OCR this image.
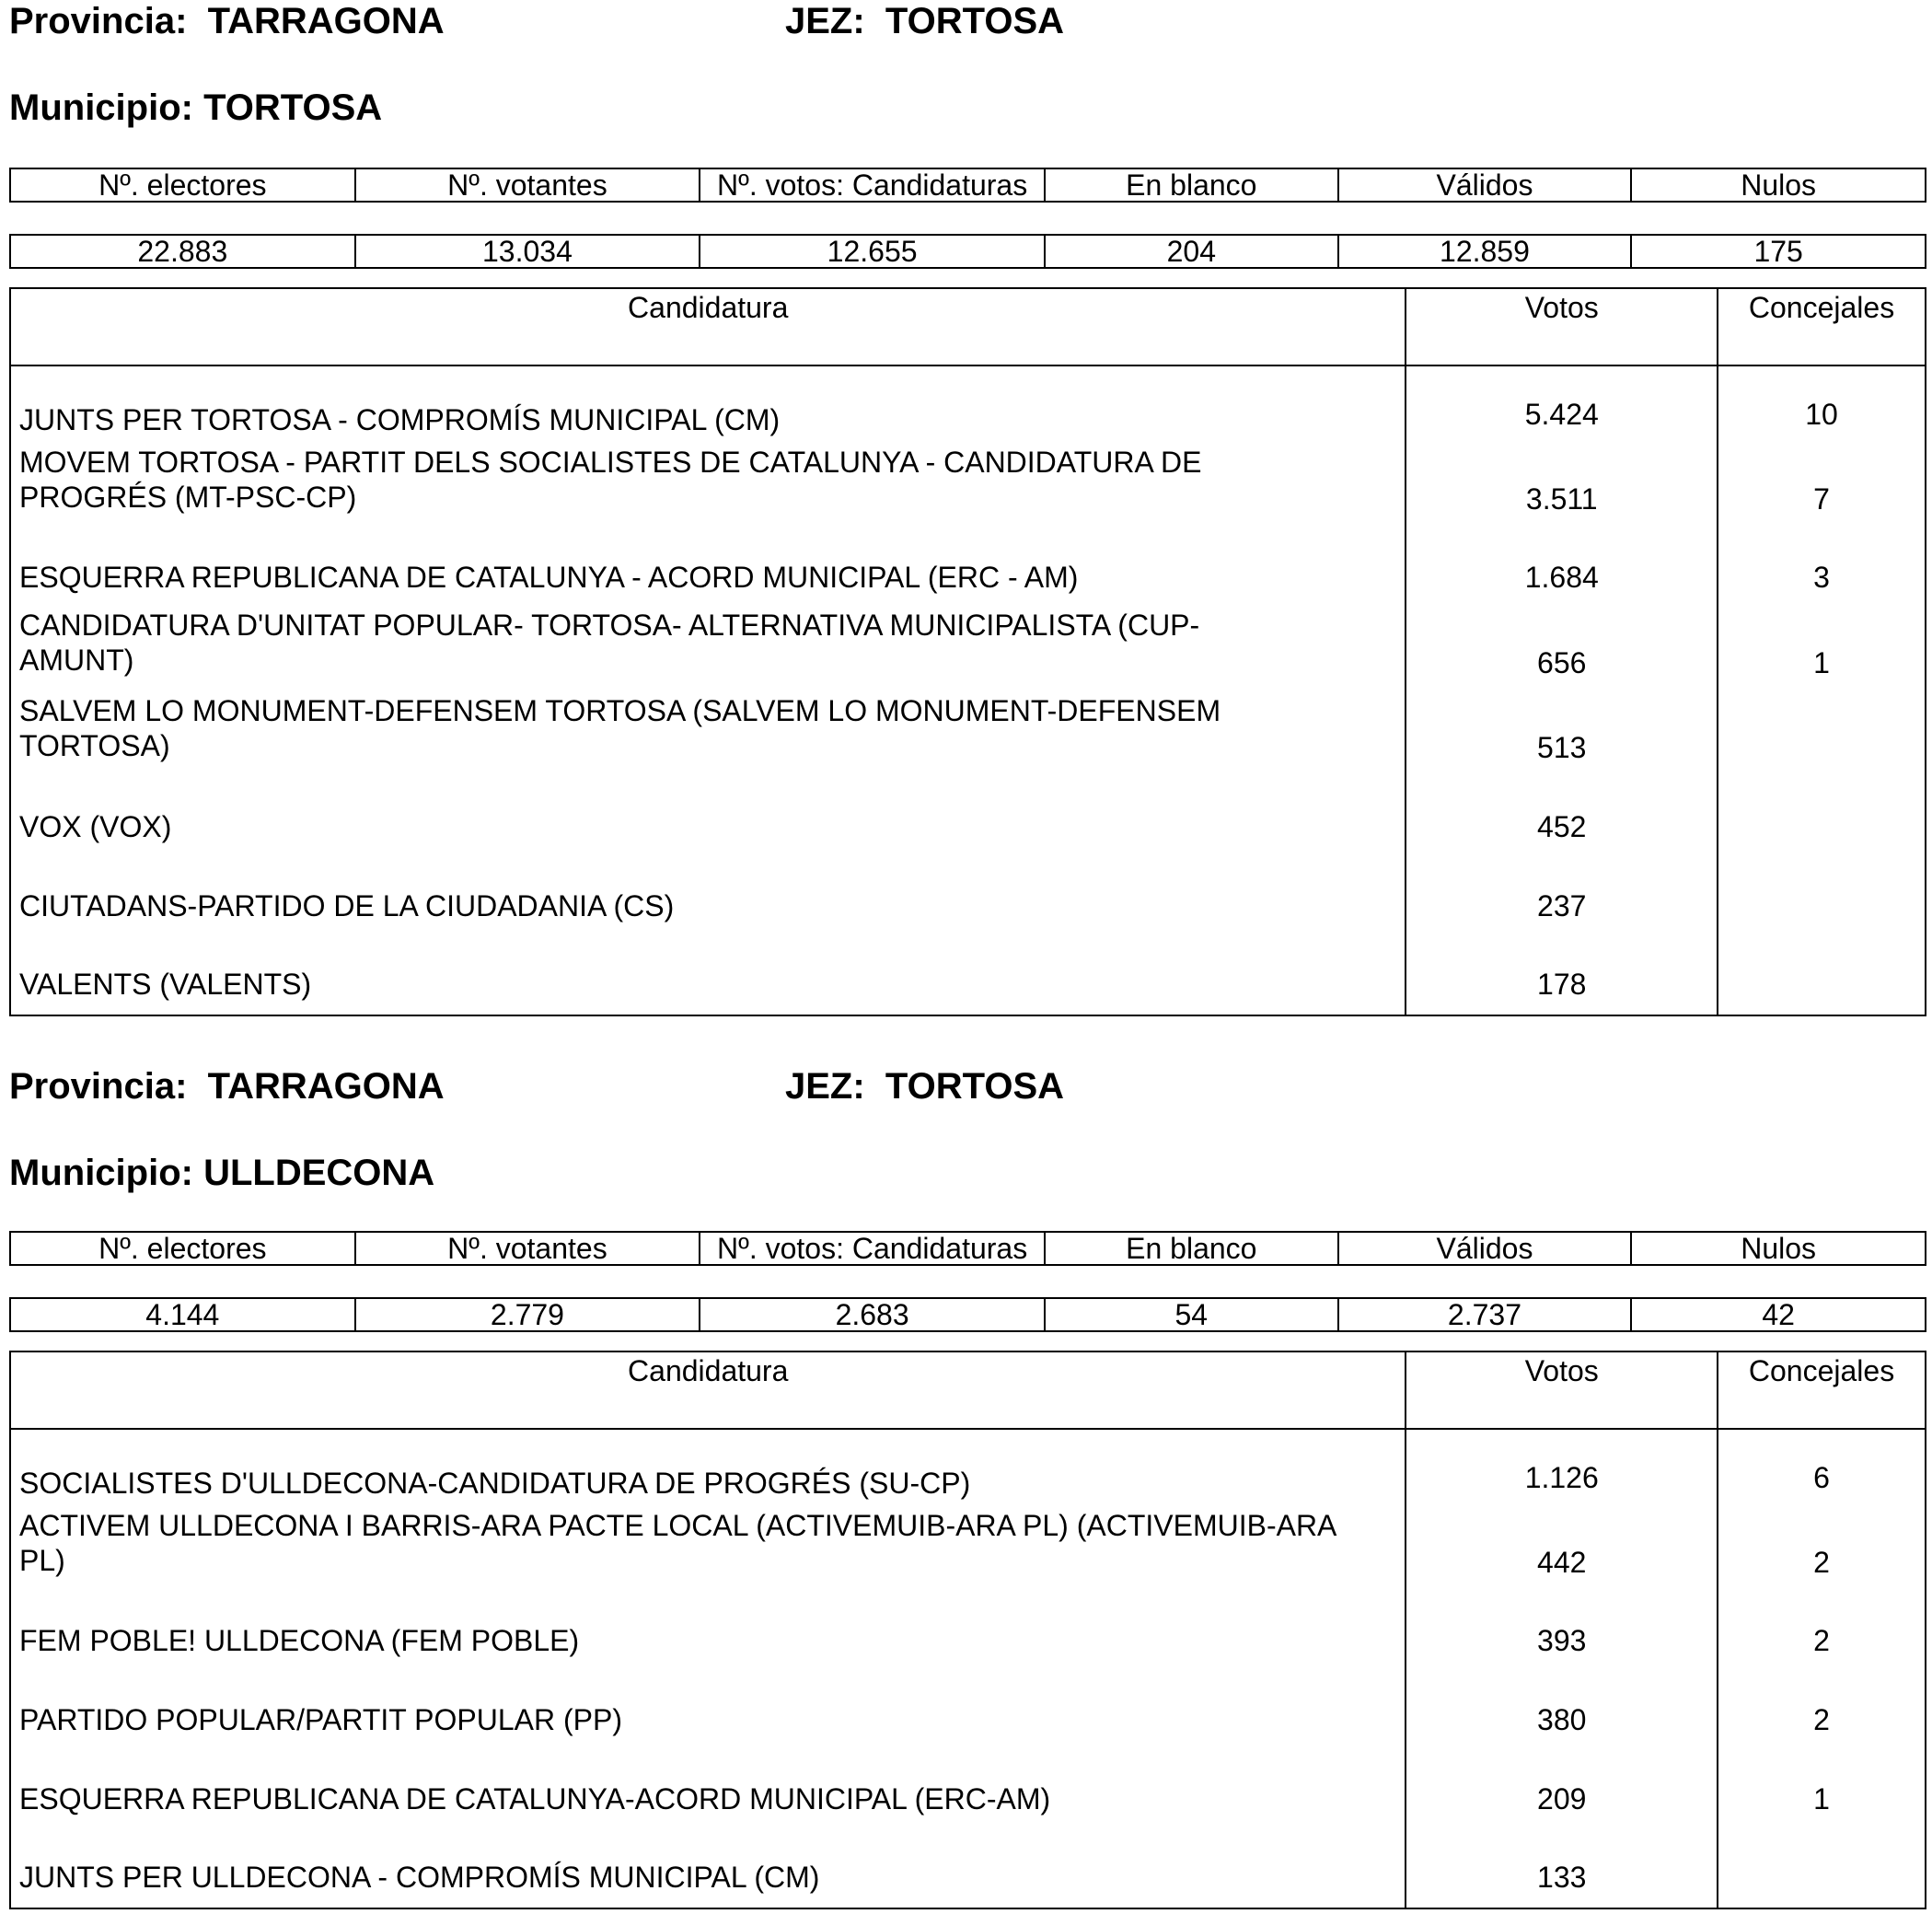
Provincia: TARRAGONA	JEZ: TORTOSA
Municipio: TORTOSA
Nº. electores	Nº. votantes	Nº. votos: Candidaturas	En blanco	Válidos	Nulos

22.883	13.034	12.655	204	12.859	175
Candidatura	Votos	Concejales
JUNTS PER TORTOSA - COMPROMÍS MUNICIPAL (CM)	5.424	10
MOVEM TORTOSA - PARTIT DELS SOCIALISTES DE CATALUNYA - CANDIDATURA DE PROGRÉS (MT-PSC-CP)	3.511	7
ESQUERRA REPUBLICANA DE CATALUNYA - ACORD MUNICIPAL (ERC - AM)	1.684	3
CANDIDATURA D'UNITAT POPULAR- TORTOSA- ALTERNATIVA MUNICIPALISTA (CUP-AMUNT)	656	1
SALVEM LO MONUMENT-DEFENSEM TORTOSA (SALVEM LO MONUMENT-DEFENSEM TORTOSA)	513	
VOX (VOX)	452	
CIUTADANS-PARTIDO DE LA CIUDADANIA (CS)	237	
VALENTS (VALENTS)	178	
Provincia: TARRAGONA	JEZ: TORTOSA
Municipio: ULLDECONA
Nº. electores	Nº. votantes	Nº. votos: Candidaturas	En blanco	Válidos	Nulos

4.144	2.779	2.683	54	2.737	42
Candidatura	Votos	Concejales
SOCIALISTES D'ULLDECONA-CANDIDATURA DE PROGRÉS (SU-CP)	1.126	6
ACTIVEM ULLDECONA I BARRIS-ARA PACTE LOCAL (ACTIVEMUIB-ARA PL) (ACTIVEMUIB-ARA PL)	442	2
FEM POBLE! ULLDECONA (FEM POBLE)	393	2
PARTIDO POPULAR/PARTIT POPULAR (PP)	380	2
ESQUERRA REPUBLICANA DE CATALUNYA-ACORD MUNICIPAL (ERC-AM)	209	1
JUNTS PER ULLDECONA - COMPROMÍS MUNICIPAL (CM)	133	
